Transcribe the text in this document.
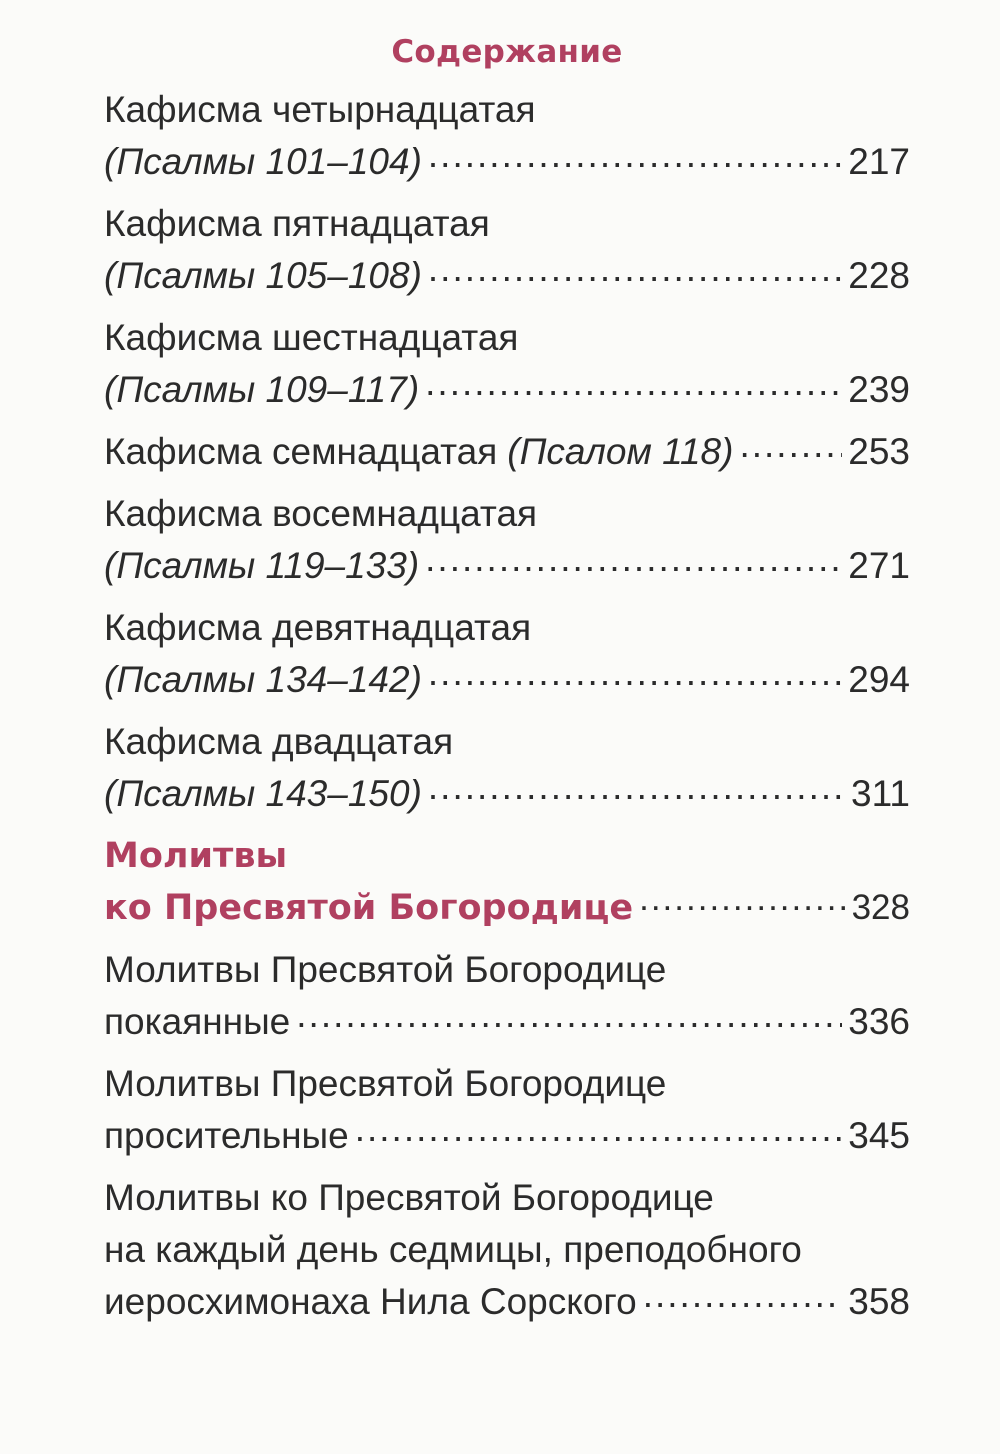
Содержание
Кафисма четырнадцатая
(Псалмы 101–104) .....	217
Кафисма пятнадцатая
(Псалмы 105–108) .....	228
Кафисма шестнадцатая
(Псалмы 109–117) .....	239
Кафисма семнадцатая (Псалом 118) .....	253
Кафисма восемнадцатая
(Псалмы 119–133) .....	271
Кафисма девятнадцатая
(Псалмы 134–142) .....	294
Кафисма двадцатая
(Псалмы 143–150) .....	311
Молитвы
ко Пресвятой Богородице .....	328
Молитвы Пресвятой Богородице
покаянные .....	336
Молитвы Пресвятой Богородице
просительные .....	345
Молитвы ко Пресвятой Богородице
на каждый день седмицы, преподобного
иеросхимонаха Нила Сорского .....	358
